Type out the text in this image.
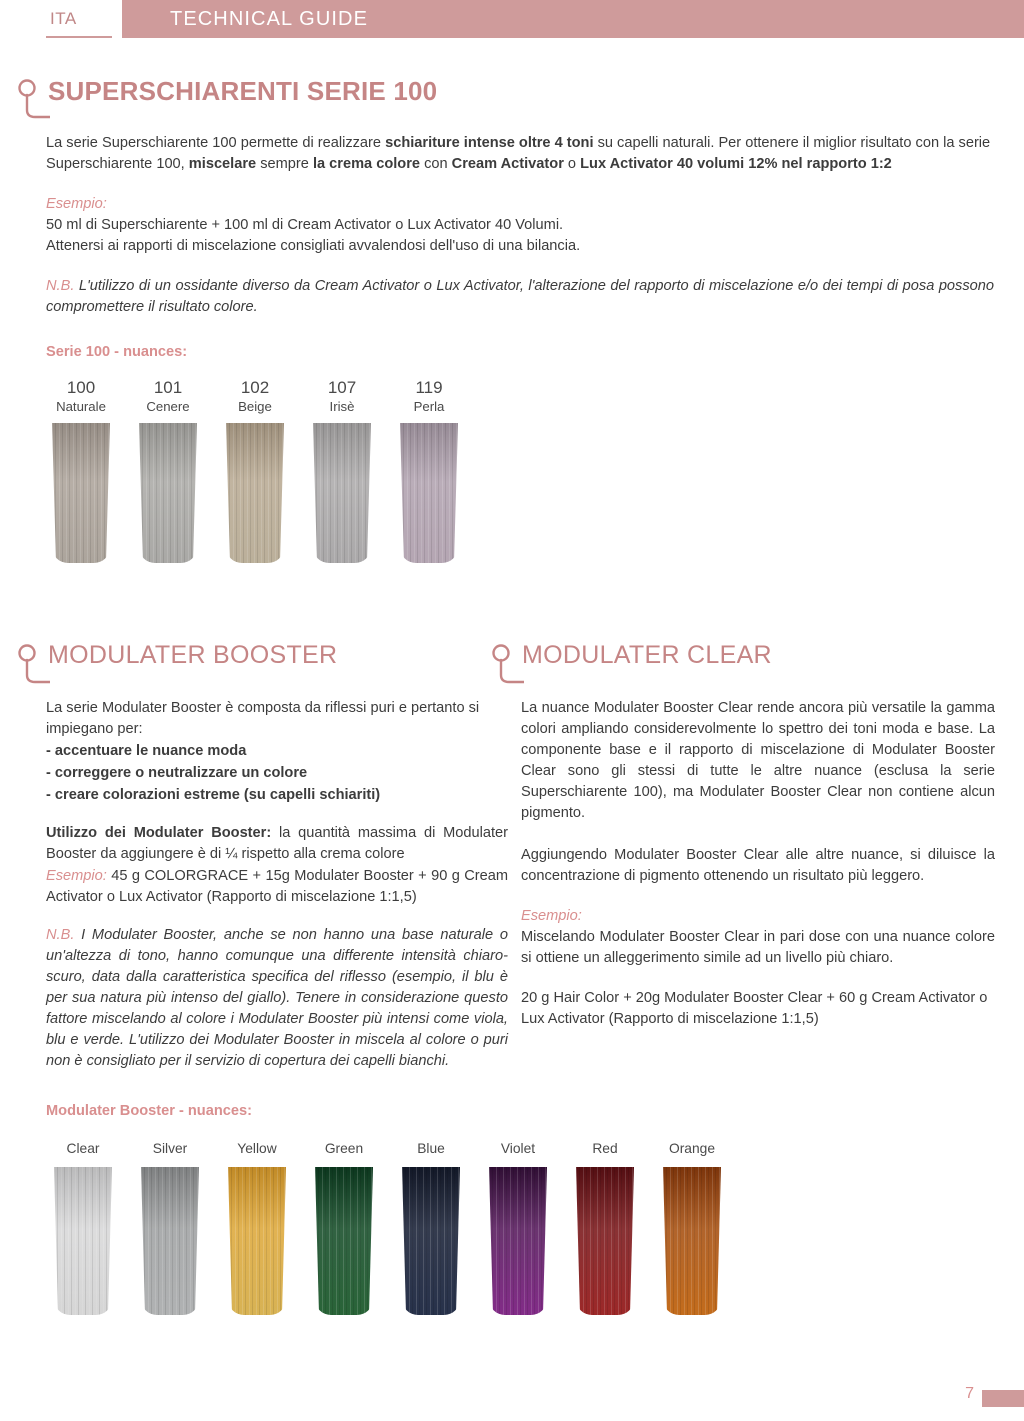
ITA	TECHNICAL GUIDE
SUPERSCHIARENTI SERIE 100
La serie Superschiarente 100 permette di realizzare schiariture intense oltre 4 toni su capelli naturali. Per ottenere il miglior risultato con la serie Superschiarente 100, miscelare sempre la crema colore con Cream Activator o Lux Activator 40 volumi 12% nel rapporto 1:2
Esempio:
50 ml di Superschiarente + 100 ml di Cream Activator o Lux Activator 40 Volumi.
Attenersi ai rapporti di miscelazione consigliati avvalendosi dell'uso di una bilancia.
N.B. L'utilizzo di un ossidante diverso da Cream Activator o Lux Activator, l'alterazione del rapporto di miscelazione e/o dei tempi di posa possono compromettere il risultato colore.
Serie 100 - nuances:
100
Naturale
101
Cenere
102
Beige
107
Irisè
119
Perla
MODULATER BOOSTER
La serie Modulater Booster è composta da riflessi puri e pertanto si impiegano per:
- accentuare le nuance moda
- correggere o neutralizzare un colore
- creare colorazioni estreme (su capelli schiariti)
Utilizzo dei Modulater Booster: la quantità massima di Modulater Booster da aggiungere è di ¼ rispetto alla crema colore
Esempio: 45 g COLORGRACE + 15g Modulater Booster + 90 g Cream Activator o Lux Activator (Rapporto di miscelazione 1:1,5)
N.B. I Modulater Booster, anche se non hanno una base naturale o un'altezza di tono, hanno comunque una differente intensità chiaro-scuro, data dalla caratteristica specifica del riflesso (esempio, il blu è per sua natura più intenso del giallo). Tenere in considerazione questo fattore miscelando al colore i Modulater Booster più intensi come viola, blu e verde. L'utilizzo dei Modulater Booster in miscela al colore o puri non è consigliato per il servizio di copertura dei capelli bianchi.
MODULATER CLEAR
La nuance Modulater Booster Clear rende ancora più versatile la gamma colori ampliando considerevolmente lo spettro dei toni moda e base. La componente base e il rapporto di miscelazione di Modulater Booster Clear sono gli stessi di tutte le altre nuance (esclusa la serie Superschiarente 100), ma Modulater Booster Clear non contiene alcun pigmento.
Aggiungendo Modulater Booster Clear alle altre nuance, si diluisce la concentrazione di pigmento ottenendo un risultato più leggero.
Esempio:
Miscelando Modulater Booster Clear in pari dose con una nuance colore si ottiene un alleggerimento simile ad un livello più chiaro.
20 g Hair Color + 20g Modulater Booster Clear + 60 g Cream Activator o Lux Activator (Rapporto di miscelazione 1:1,5)
Modulater Booster - nuances:
Clear	Silver	Yellow	Green	Blue	Violet	Red	Orange
7
